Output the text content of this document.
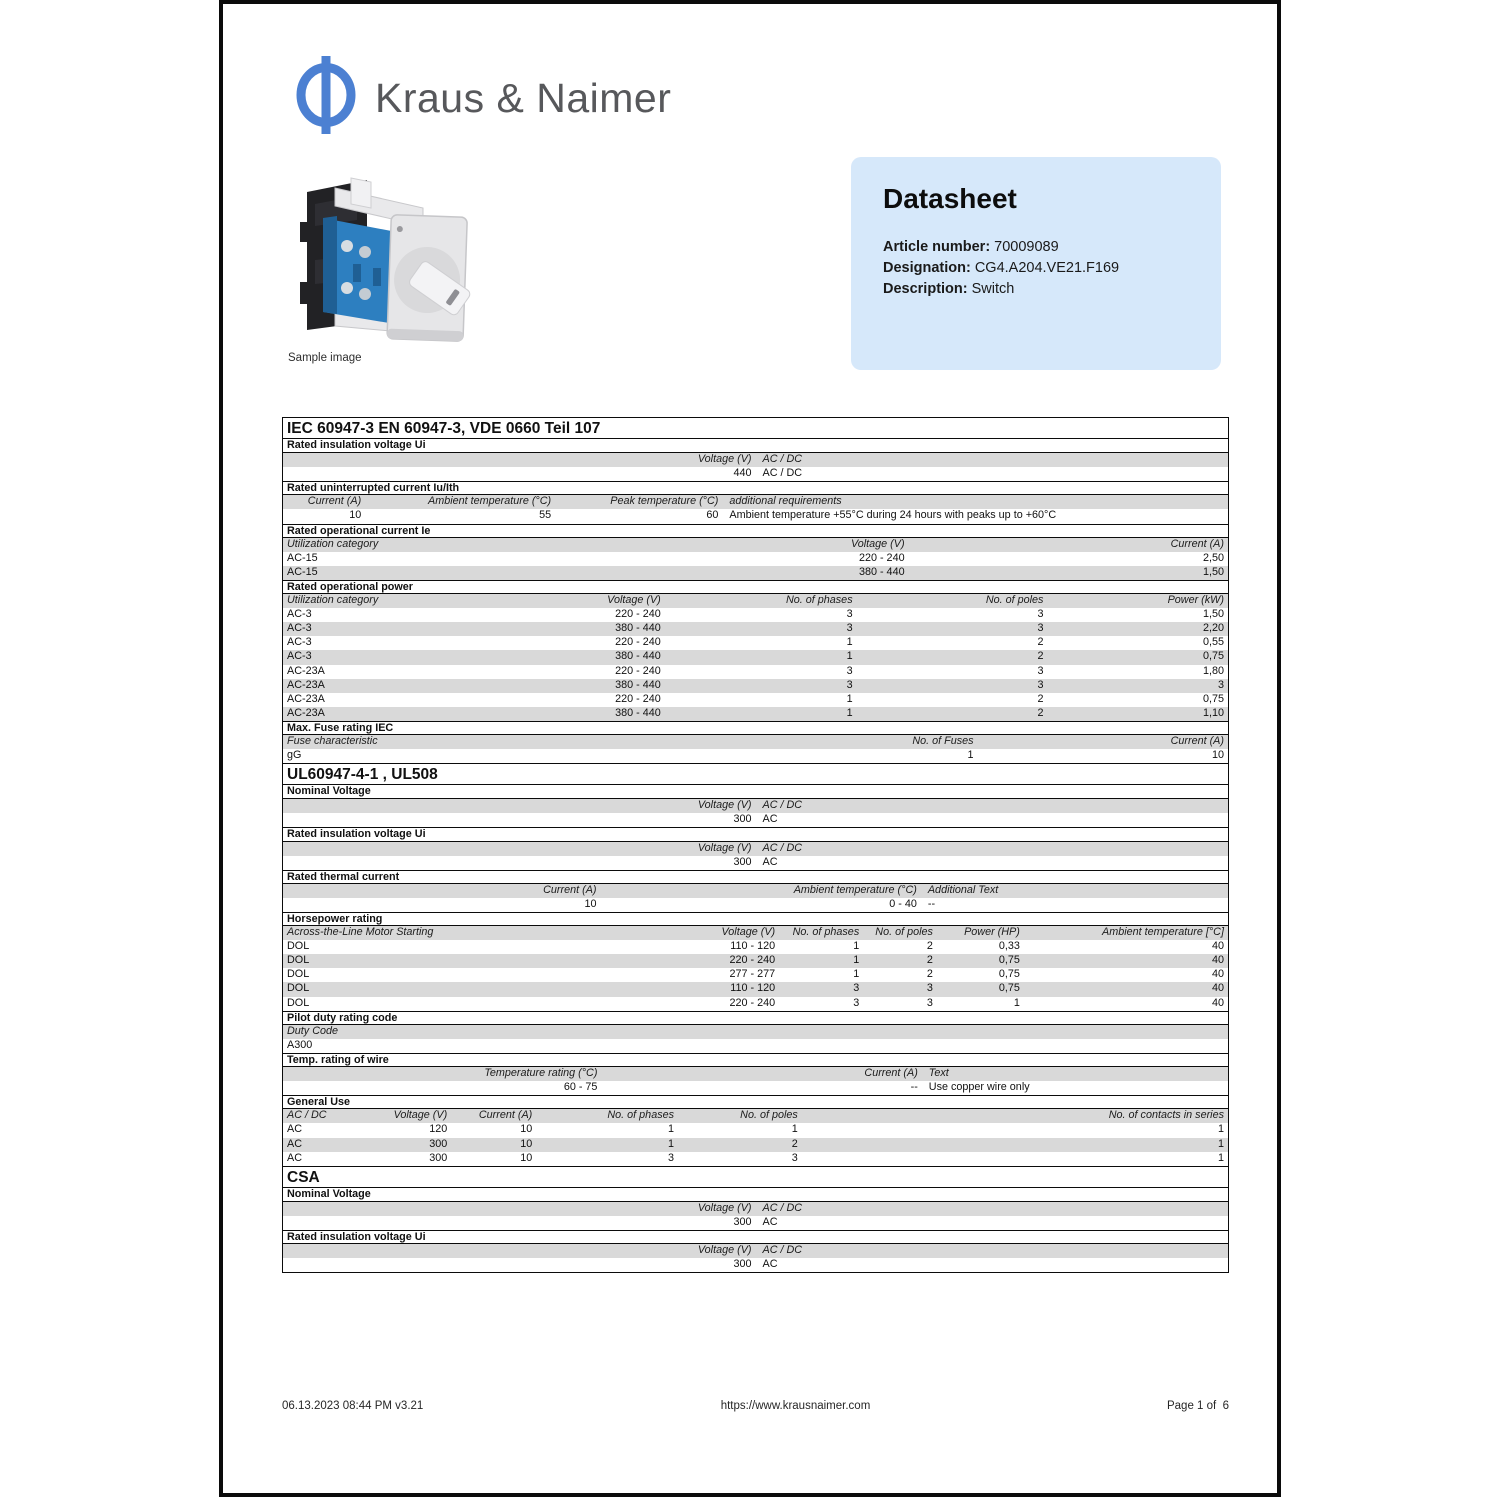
Kraus & Naimer
Sample image
Datasheet
Article number: 70009089
Designation: CG4.A204.VE21.F169
Description: Switch
IEC 60947-3 EN 60947-3, VDE 0660 Teil 107
Rated insulation voltage Ui
Voltage (V)	AC / DC
440	AC / DC
Rated uninterrupted current Iu/Ith
Current (A)	Ambient temperature (°C)	Peak temperature (°C)	additional requirements
10	55	60	Ambient temperature +55°C during 24 hours with peaks up to +60°C
Rated operational current Ie
Utilization category	Voltage (V)	Current (A)
AC-15	220 - 240	2,50
AC-15	380 - 440	1,50
Rated operational power
Utilization category	Voltage (V)	No. of phases	No. of poles	Power (kW)
AC-3	220 - 240	3	3	1,50
AC-3	380 - 440	3	3	2,20
AC-3	220 - 240	1	2	0,55
AC-3	380 - 440	1	2	0,75
AC-23A	220 - 240	3	3	1,80
AC-23A	380 - 440	3	3	3
AC-23A	220 - 240	1	2	0,75
AC-23A	380 - 440	1	2	1,10
Max. Fuse rating IEC
Fuse characteristic	No. of Fuses	Current (A)
gG	1	10
UL60947-4-1 , UL508
Nominal Voltage
Voltage (V)	AC / DC
300	AC
Rated insulation voltage Ui
Voltage (V)	AC / DC
300	AC
Rated thermal current
Current (A)	Ambient temperature (°C)	Additional Text
10	0 - 40	--
Horsepower rating
Across-the-Line Motor Starting	Voltage (V)	No. of phases	No. of poles	Power (HP)	Ambient temperature [°C]
DOL	110 - 120	1	2	0,33	40
DOL	220 - 240	1	2	0,75	40
DOL	277 - 277	1	2	0,75	40
DOL	110 - 120	3	3	0,75	40
DOL	220 - 240	3	3	1	40
Pilot duty rating code
Duty Code
A300
Temp. rating of wire
Temperature rating (°C)	Current (A)	Text
60 - 75	--	Use copper wire only
General Use
AC / DC	Voltage (V)	Current (A)	No. of phases	No. of poles	No. of contacts in series
AC	120	10	1	1	1
AC	300	10	1	2	1
AC	300	10	3	3	1
CSA
Nominal Voltage
Voltage (V)	AC / DC
300	AC
Rated insulation voltage Ui
Voltage (V)	AC / DC
300	AC
06.13.2023 08:44 PM v3.21	https://www.krausnaimer.com	Page 1 of  6
